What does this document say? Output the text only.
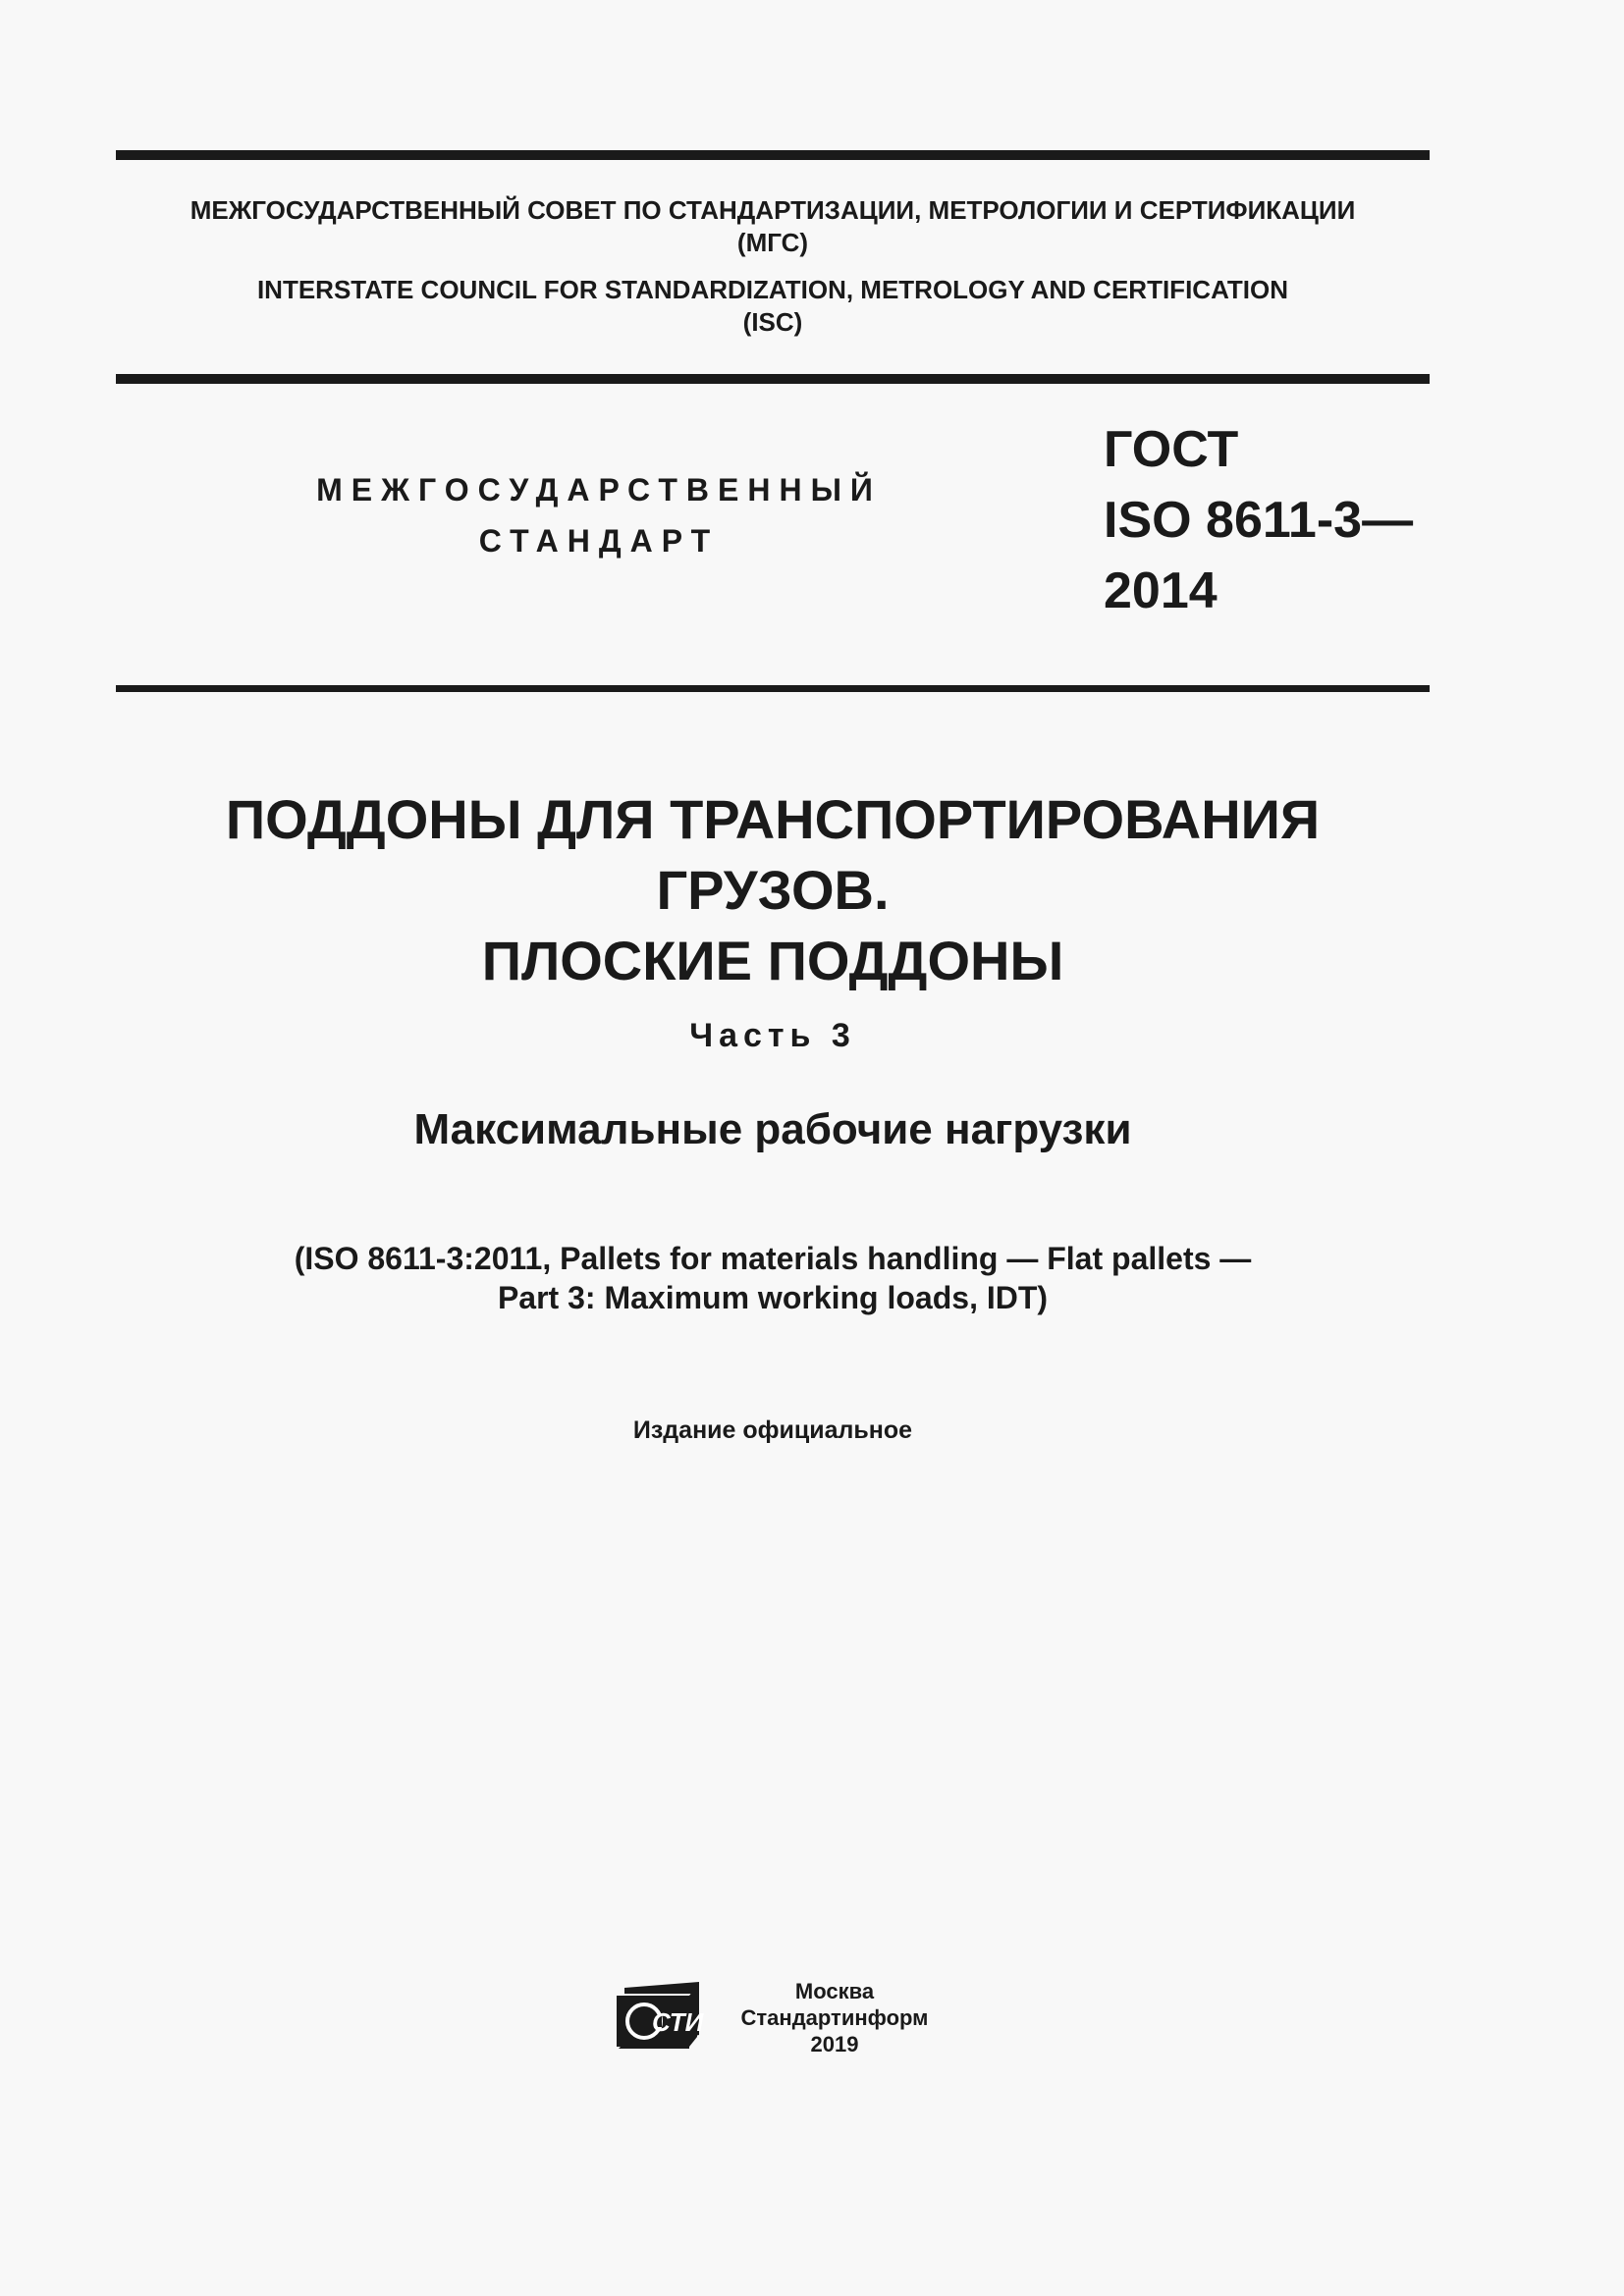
МЕЖГОСУДАРСТВЕННЫЙ СОВЕТ ПО СТАНДАРТИЗАЦИИ, МЕТРОЛОГИИ И СЕРТИФИКАЦИИ
(МГС)
INTERSTATE COUNCIL FOR STANDARDIZATION, METROLOGY AND CERTIFICATION
(ISC)
МЕЖГОСУДАРСТВЕННЫЙ
СТАНДАРТ
ГОСТ
ISO 8611-3—
2014
ПОДДОНЫ ДЛЯ ТРАНСПОРТИРОВАНИЯ
ГРУЗОВ.
ПЛОСКИЕ ПОДДОНЫ
Часть 3
Максимальные рабочие нагрузки
(ISO 8611-3:2011, Pallets for materials handling — Flat pallets —
Part 3: Maximum working loads, IDT)
Издание официальное
СТИ
Москва
Стандартинформ
2019
